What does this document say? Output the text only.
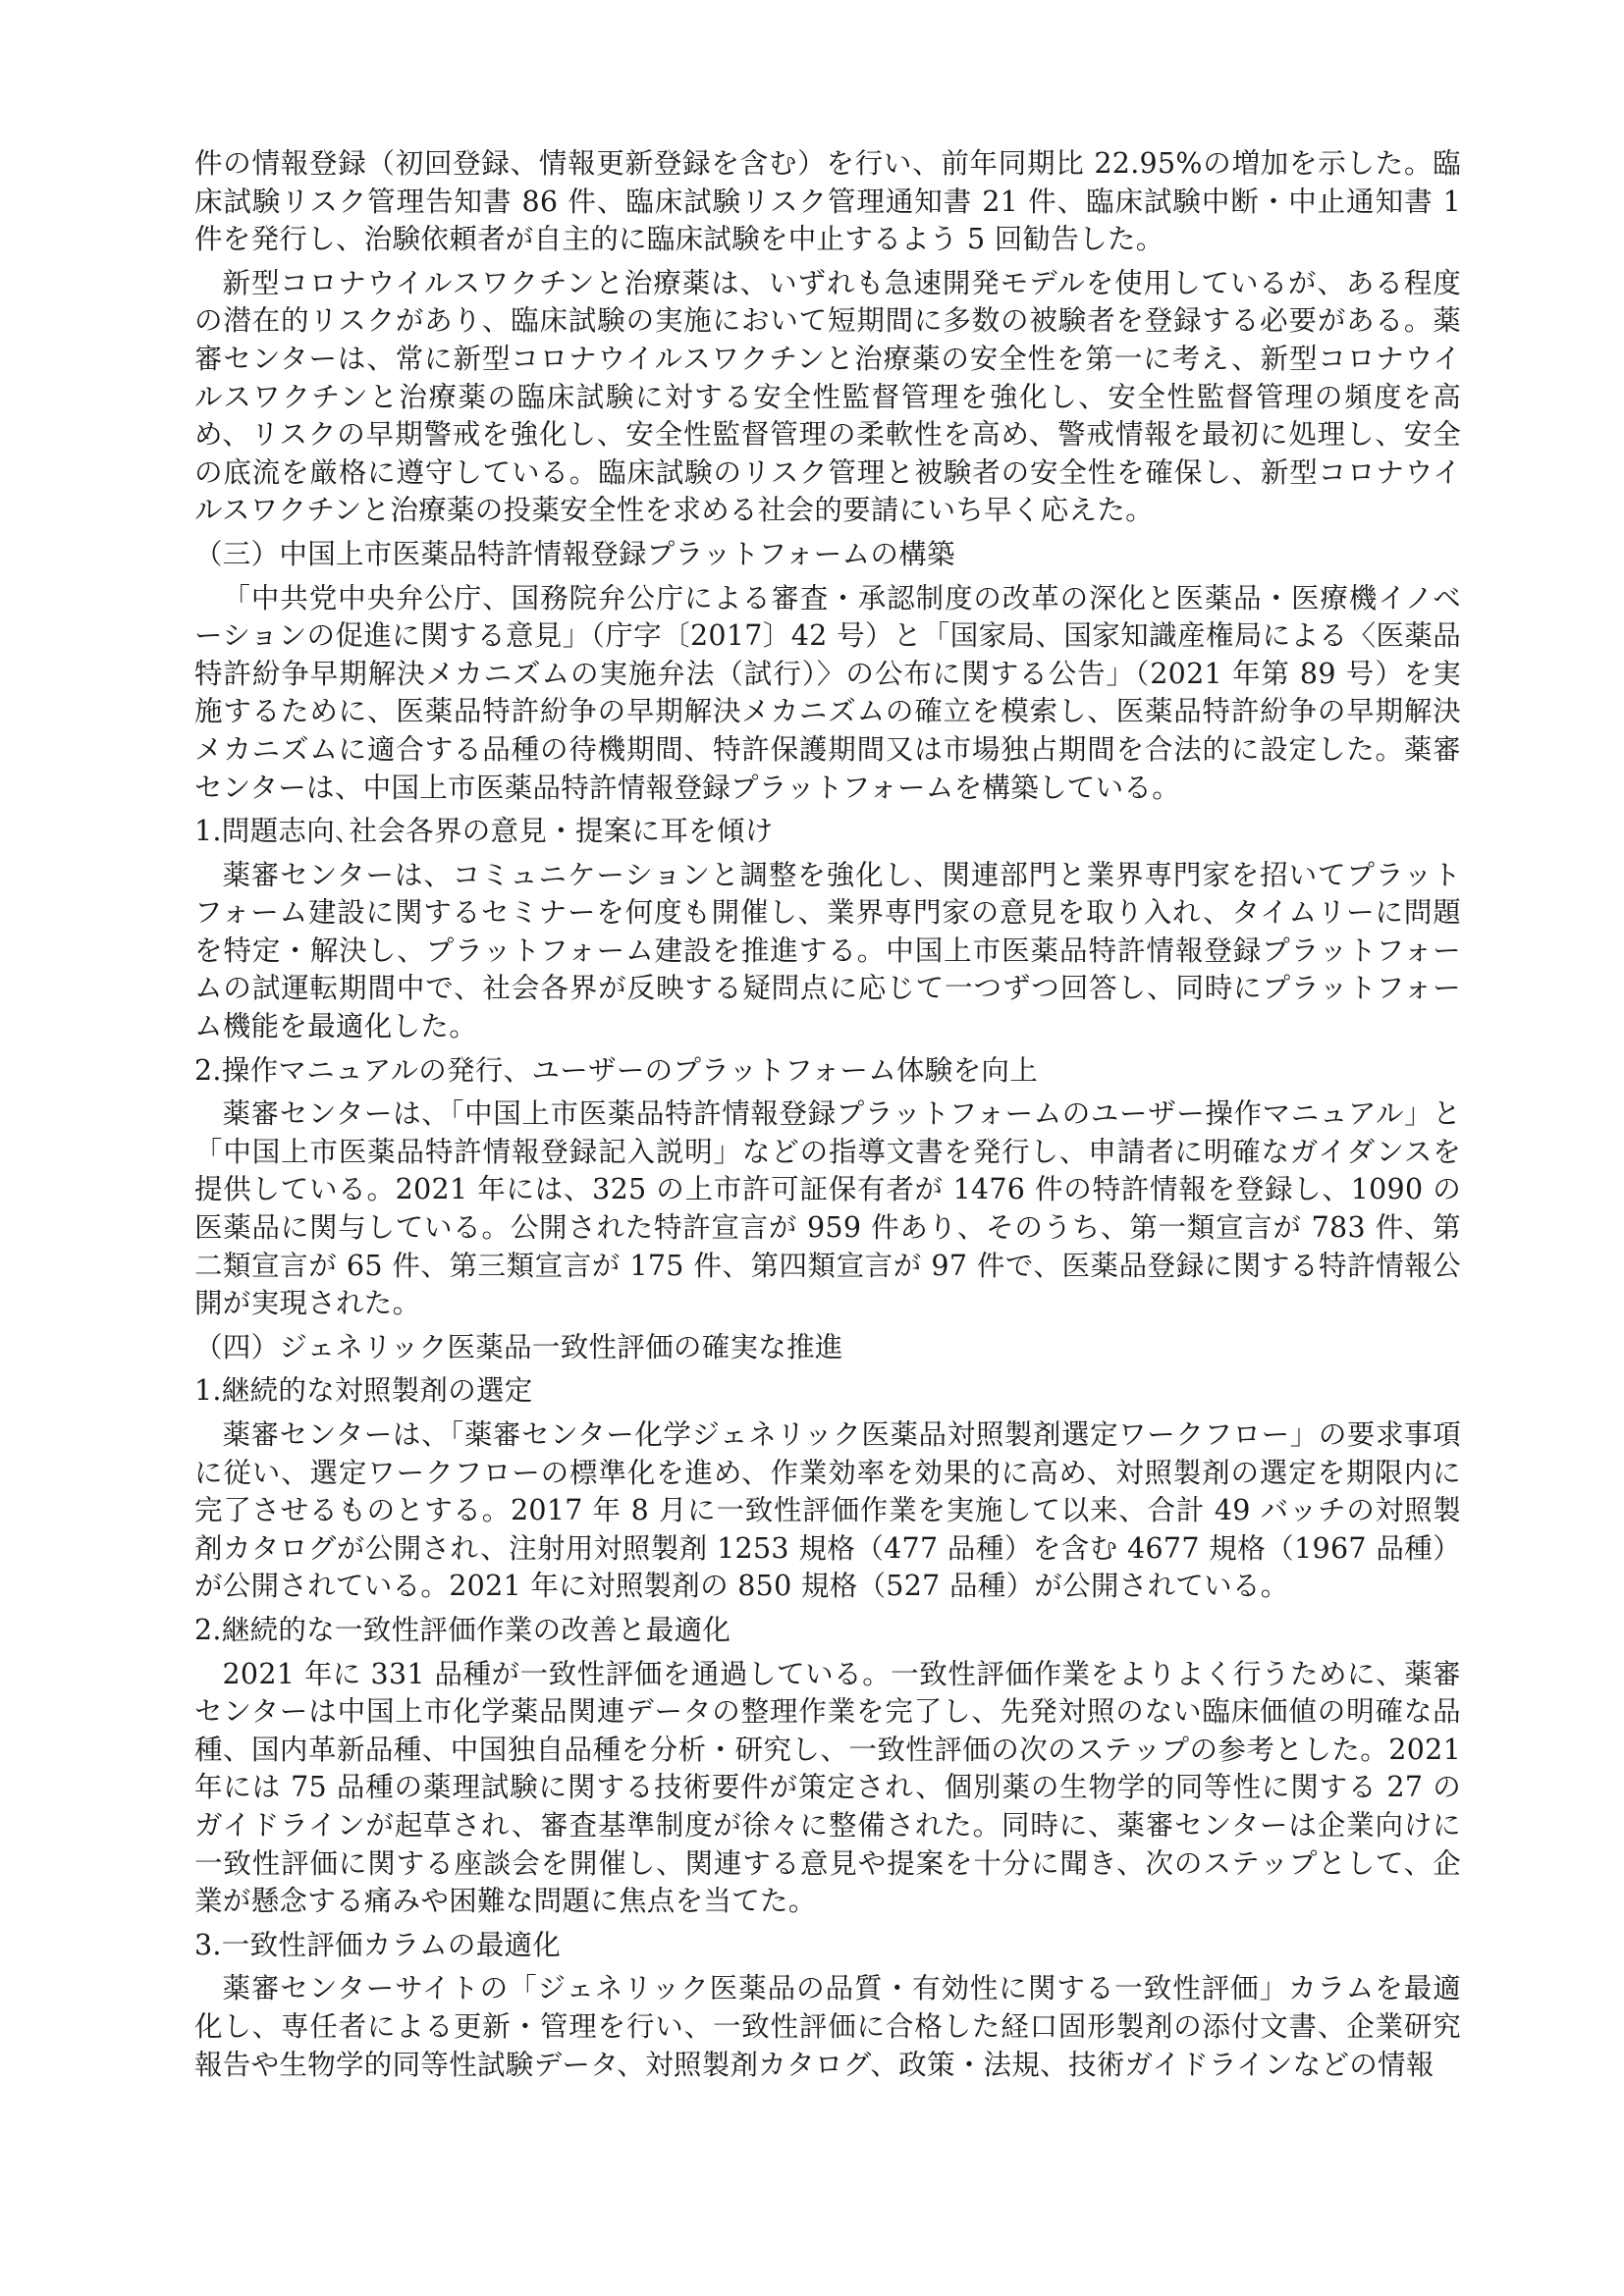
件の情報登録（初回登録、情報更新登録を含む）を行い、前年同期比 22.95%の増加を示した。臨床試験リスク管理告知書 86 件、臨床試験リスク管理通知書 21 件、臨床試験中断・中止通知書 1 件を発行し、治験依頼者が自主的に臨床試験を中止するよう 5 回勧告した。

新型コロナウイルスワクチンと治療薬は、いずれも急速開発モデルを使用しているが、ある程度の潜在的リスクがあり、臨床試験の実施において短期間に多数の被験者を登録する必要がある。薬審センターは、常に新型コロナウイルスワクチンと治療薬の安全性を第一に考え、新型コロナウイルスワクチンと治療薬の臨床試験に対する安全性監督管理を強化し、安全性監督管理の頻度を高め、リスクの早期警戒を強化し、安全性監督管理の柔軟性を高め、警戒情報を最初に処理し、安全の底流を厳格に遵守している。臨床試験のリスク管理と被験者の安全性を確保し、新型コロナウイルスワクチンと治療薬の投薬安全性を求める社会的要請にいち早く応えた。

（三）中国上市医薬品特許情報登録プラットフォームの構築

「中共党中央弁公庁、国務院弁公庁による審査・承認制度の改革の深化と医薬品・医療機イノベーションの促進に関する意見」（庁字〔2017〕42 号）と「国家局、国家知識産権局による〈医薬品特許紛争早期解決メカニズムの実施弁法（試行）〉の公布に関する公告」（2021 年第 89 号）を実施するために、医薬品特許紛争の早期解決メカニズムの確立を模索し、医薬品特許紛争の早期解決メカニズムに適合する品種の待機期間、特許保護期間又は市場独占期間を合法的に設定した。薬審センターは、中国上市医薬品特許情報登録プラットフォームを構築している。

1.問題志向､社会各界の意見・提案に耳を傾け

薬審センターは、コミュニケーションと調整を強化し、関連部門と業界専門家を招いてプラットフォーム建設に関するセミナーを何度も開催し、業界専門家の意見を取り入れ、タイムリーに問題を特定・解決し、プラットフォーム建設を推進する。中国上市医薬品特許情報登録プラットフォームの試運転期間中で、社会各界が反映する疑問点に応じて一つずつ回答し、同時にプラットフォーム機能を最適化した。

2.操作マニュアルの発行、ユーザーのプラットフォーム体験を向上

薬審センターは、「中国上市医薬品特許情報登録プラットフォームのユーザー操作マニュアル」と「中国上市医薬品特許情報登録記入説明」などの指導文書を発行し、申請者に明確なガイダンスを提供している。2021 年には、325 の上市許可証保有者が 1476 件の特許情報を登録し、1090 の医薬品に関与している。公開された特許宣言が 959 件あり、そのうち、第一類宣言が 783 件、第二類宣言が 65 件、第三類宣言が 175 件、第四類宣言が 97 件で、医薬品登録に関する特許情報公開が実現された。

（四）ジェネリック医薬品一致性評価の確実な推進

1.継続的な対照製剤の選定

薬審センターは、「薬審センター化学ジェネリック医薬品対照製剤選定ワークフロー」の要求事項に従い、選定ワークフローの標準化を進め、作業効率を効果的に高め、対照製剤の選定を期限内に完了させるものとする。2017 年 8 月に一致性評価作業を実施して以来、合計 49 バッチの対照製剤カタログが公開され、注射用対照製剤 1253 規格（477 品種）を含む 4677 規格（1967 品種）が公開されている。2021 年に対照製剤の 850 規格（527 品種）が公開されている。

2.継続的な一致性評価作業の改善と最適化

2021 年に 331 品種が一致性評価を通過している。一致性評価作業をよりよく行うために、薬審センターは中国上市化学薬品関連データの整理作業を完了し、先発対照のない臨床価値の明確な品種、国内革新品種、中国独自品種を分析・研究し、一致性評価の次のステップの参考とした。2021 年には 75 品種の薬理試験に関する技術要件が策定され、個別薬の生物学的同等性に関する 27 のガイドラインが起草され、審査基準制度が徐々に整備された。同時に、薬審センターは企業向けに一致性評価に関する座談会を開催し、関連する意見や提案を十分に聞き、次のステップとして、企業が懸念する痛みや困難な問題に焦点を当てた。

3.一致性評価カラムの最適化

薬審センターサイトの「ジェネリック医薬品の品質・有効性に関する一致性評価」カラムを最適化し、専任者による更新・管理を行い、一致性評価に合格した経口固形製剤の添付文書、企業研究報告や生物学的同等性試験データ、対照製剤カタログ、政策・法規、技術ガイドラインなどの情報
